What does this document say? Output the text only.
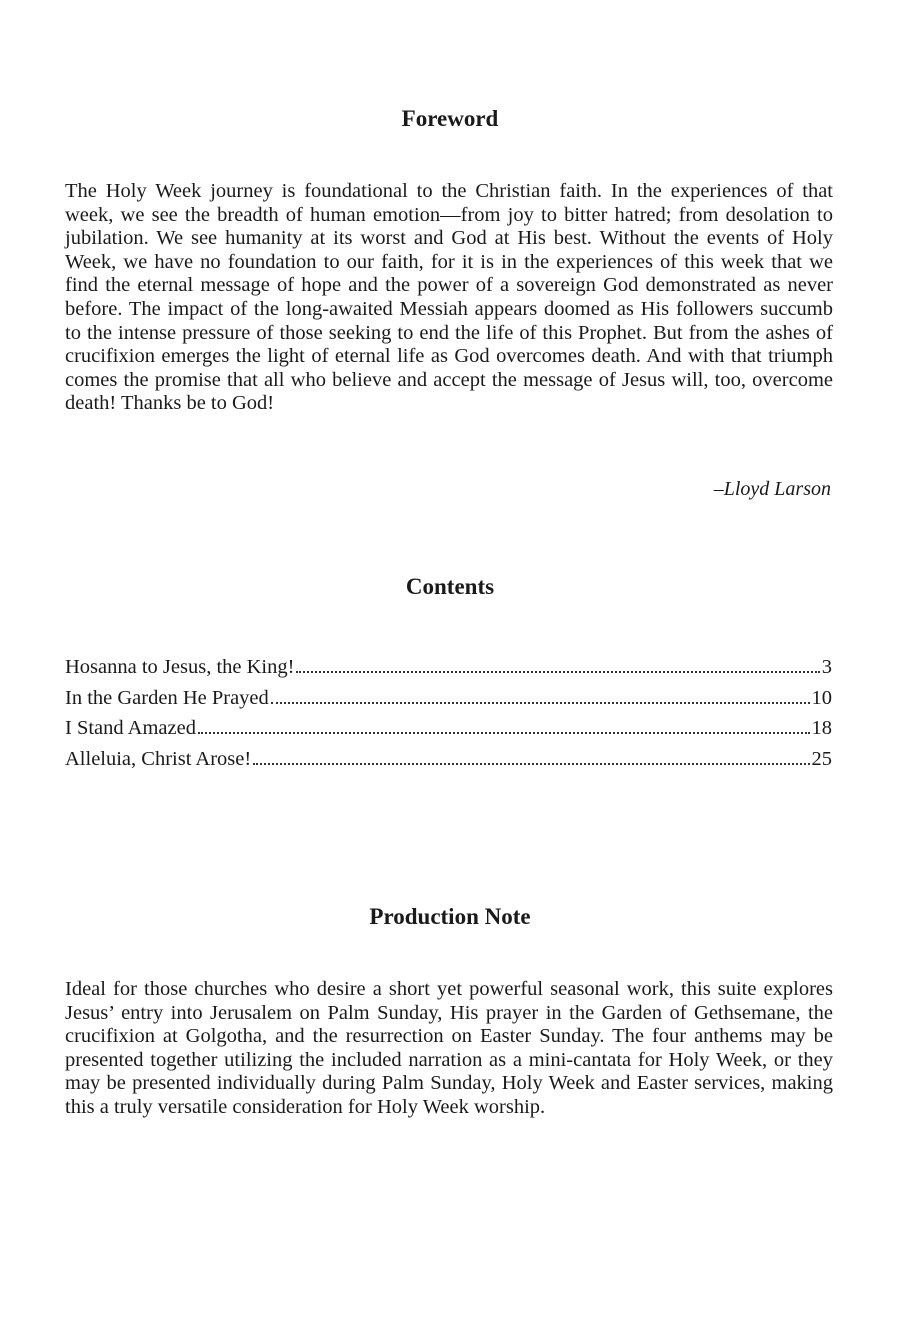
Foreword

The Holy Week journey is foundational to the Christian faith. In the experiences of that week, we see the breadth of human emotion—from joy to bitter hatred; from desolation to jubilation. We see humanity at its worst and God at His best. Without the events of Holy Week, we have no foundation to our faith, for it is in the experiences of this week that we find the eternal message of hope and the power of a sovereign God demonstrated as never before. The impact of the long-awaited Messiah appears doomed as His followers succumb to the intense pressure of those seeking to end the life of this Prophet. But from the ashes of crucifixion emerges the light of eternal life as God overcomes death. And with that triumph comes the promise that all who believe and accept the message of Jesus will, too, overcome death! Thanks be to God!

–Lloyd Larson

Contents
Hosanna to Jesus, the King!	3
In the Garden He Prayed	10
I Stand Amazed	18
Alleluia, Christ Arose!	25
Production Note

Ideal for those churches who desire a short yet powerful seasonal work, this suite explores Jesus’ entry into Jerusalem on Palm Sunday, His prayer in the Garden of Gethsemane, the crucifixion at Golgotha, and the resurrection on Easter Sunday. The four anthems may be presented together utilizing the included narration as a mini-cantata for Holy Week, or they may be presented individually during Palm Sunday, Holy Week and Easter services, making this a truly versatile consideration for Holy Week worship.
